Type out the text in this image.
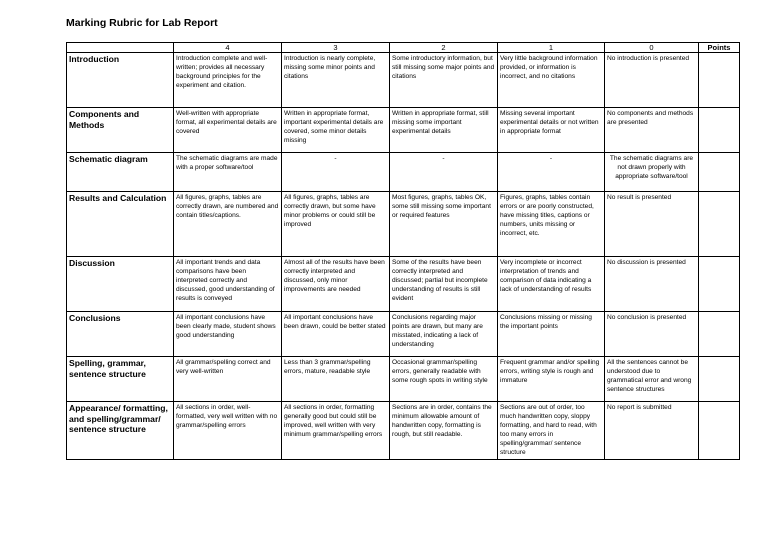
Marking Rubric for Lab Report
	4	3	2	1	0	Points
Introduction	Introduction complete and well-written; provides all necessary background principles for the experiment and citation.	Introduction is nearly complete, missing some minor points and citations	Some introductory information, but still missing some major points and citations	Very little background information provided, or information is incorrect, and no citations	No introduction is presented	
Components and Methods	Well-written with appropriate format, all experimental details are covered	Written in appropriate format, important experimental details are covered, some minor details missing	Written in appropriate format, still missing some important experimental details	Missing several important experimental details or not written in appropriate format	No components and methods are presented	
Schematic diagram	The schematic diagrams are made with a proper software/tool	-	-	-	The schematic diagrams are not drawn properly with appropriate software/tool	
Results and Calculation	All figures, graphs, tables are correctly drawn, are numbered and contain titles/captions.	All figures, graphs, tables are correctly drawn, but some have minor problems or could still be improved	Most figures, graphs, tables OK, some still missing some important or required features	Figures, graphs, tables contain errors or are poorly constructed, have missing titles, captions or numbers, units missing or incorrect, etc.	No result is presented	
Discussion	All important trends and data comparisons have been interpreted correctly and discussed, good understanding of results is conveyed	Almost all of the results have been correctly interpreted and discussed, only minor improvements are needed	Some of the results have been correctly interpreted and discussed; partial but incomplete understanding of results is still evident	Very incomplete or incorrect interpretation of trends and comparison of data indicating a lack of understanding of results	No discussion is presented	
Conclusions	All important conclusions have been clearly made, student shows good understanding	All important conclusions have been drawn, could be better stated	Conclusions regarding major points are drawn, but many are misstated, indicating a lack of understanding	Conclusions missing or missing the important points	No conclusion is presented	
Spelling, grammar, sentence structure	All grammar/spelling correct and very well-written	Less than 3 grammar/spelling errors, mature, readable style	Occasional grammar/spelling errors, generally readable with some rough spots in writing style	Frequent grammar and/or spelling errors, writing style is rough and immature	All the sentences cannot be understood due to grammatical error and wrong sentence structures	
Appearance/ formatting, and spelling/grammar/ sentence structure	All sections in order, well-formatted, very well written with no grammar/spelling errors	All sections in order, formatting generally good but could still be improved, well written with very minimum grammar/spelling errors	Sections are in order, contains the minimum allowable amount of handwritten copy, formatting is rough, but still readable.	Sections are out of order, too much handwritten copy, sloppy formatting, and hard to read, with too many errors in spelling/grammar/ sentence structure	No report is submitted	
